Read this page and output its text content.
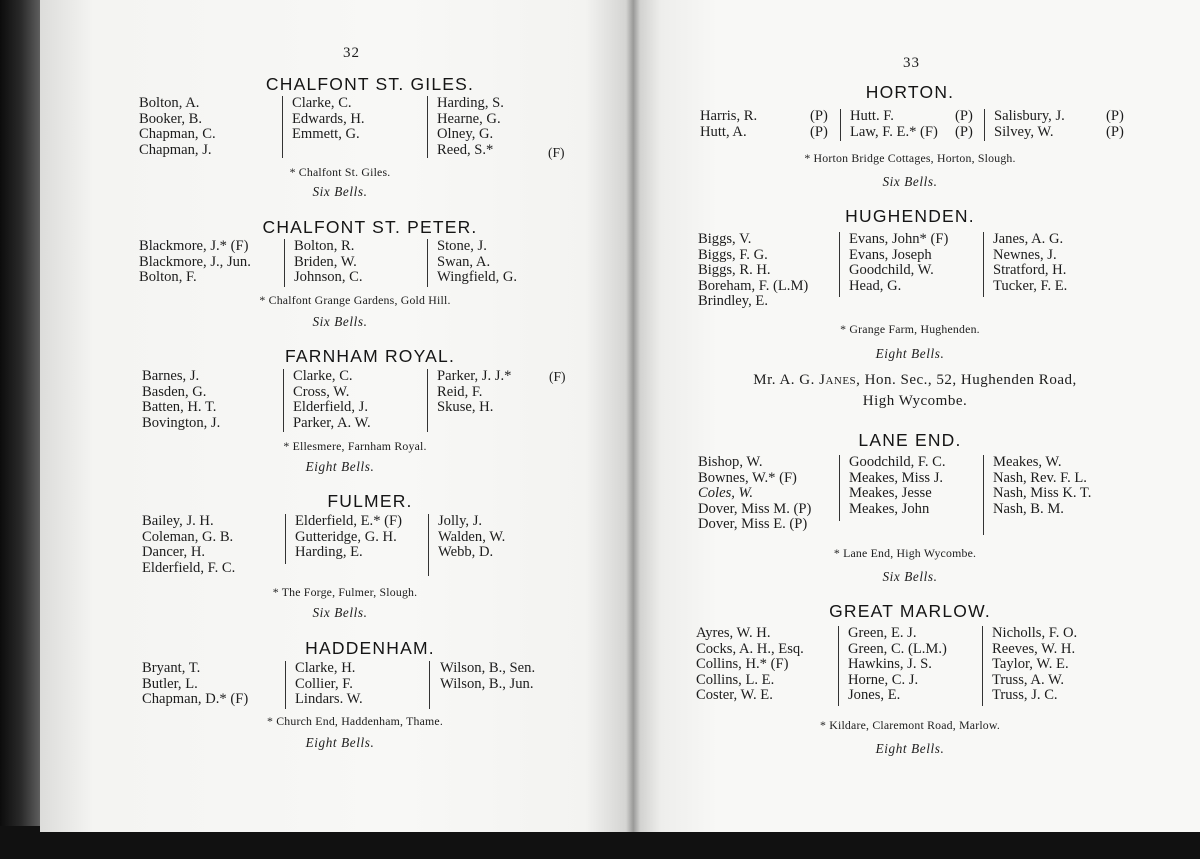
32
CHALFONT ST. GILES.
Bolton, A.
Booker, B.
Chapman, C.
Chapman, J.
Clarke, C.
Edwards, H.
Emmett, G.
Harding, S.
Hearne, G.
Olney, G.
Reed, S.*	(F)
* Chalfont St. Giles.
Six Bells.
CHALFONT ST. PETER.
Blackmore, J.* (F)
Blackmore, J., Jun.
Bolton, F.
Bolton, R.
Briden, W.
Johnson, C.
Stone, J.
Swan, A.
Wingfield, G.
* Chalfont Grange Gardens, Gold Hill.
Six Bells.
FARNHAM ROYAL.
Barnes, J.
Basden, G.
Batten, H. T.
Bovington, J.
Clarke, C.
Cross, W.
Elderfield, J.
Parker, A. W.
Parker, J. J.*
Reid, F.
Skuse, H.
(F)
* Ellesmere, Farnham Royal.
Eight Bells.
FULMER.
Bailey, J. H.
Coleman, G. B.
Dancer, H.
Elderfield, F. C.
Elderfield, E.* (F)
Gutteridge, G. H.
Harding, E.
Jolly, J.
Walden, W.
Webb, D.
* The Forge, Fulmer, Slough.
Six Bells.
HADDENHAM.
Bryant, T.
Butler, L.
Chapman, D.* (F)
Clarke, H.
Collier, F.
Lindars. W.
Wilson, B., Sen.
Wilson, B., Jun.
* Church End, Haddenham, Thame.
Eight Bells.
33
HORTON.
Harris, R.
Hutt, A.
(P)
(P)
Hutt. F.
Law, F. E.* (F)
(P)
(P)
Salisbury, J.
Silvey, W.
(P)
(P)
* Horton Bridge Cottages, Horton, Slough.
Six Bells.
HUGHENDEN.
Biggs, V.
Biggs, F. G.
Biggs, R. H.
Boreham, F. (L.M)
Brindley, E.
Evans, John* (F)
Evans, Joseph
Goodchild, W.
Head, G.
Janes, A. G.
Newnes, J.
Stratford, H.
Tucker, F. E.
* Grange Farm, Hughenden.
Eight Bells.
Mr. A. G. Janes, Hon. Sec., 52, Hughenden Road,
High Wycombe.
LANE END.
Bishop, W.
Bownes, W.* (F)
Coles, W.
Dover, Miss M. (P)
Dover, Miss E. (P)
Goodchild, F. C.
Meakes, Miss J.
Meakes, Jesse
Meakes, John
Meakes, W.
Nash, Rev. F. L.
Nash, Miss K. T.
Nash, B. M.
* Lane End, High Wycombe.
Six Bells.
GREAT MARLOW.
Ayres, W. H.
Cocks, A. H., Esq.
Collins, H.* (F)
Collins, L. E.
Coster, W. E.
Green, E. J.
Green, C. (L.M.)
Hawkins, J. S.
Horne, C. J.
Jones, E.
Nicholls, F. O.
Reeves, W. H.
Taylor, W. E.
Truss, A. W.
Truss, J. C.
* Kildare, Claremont Road, Marlow.
Eight Bells.
